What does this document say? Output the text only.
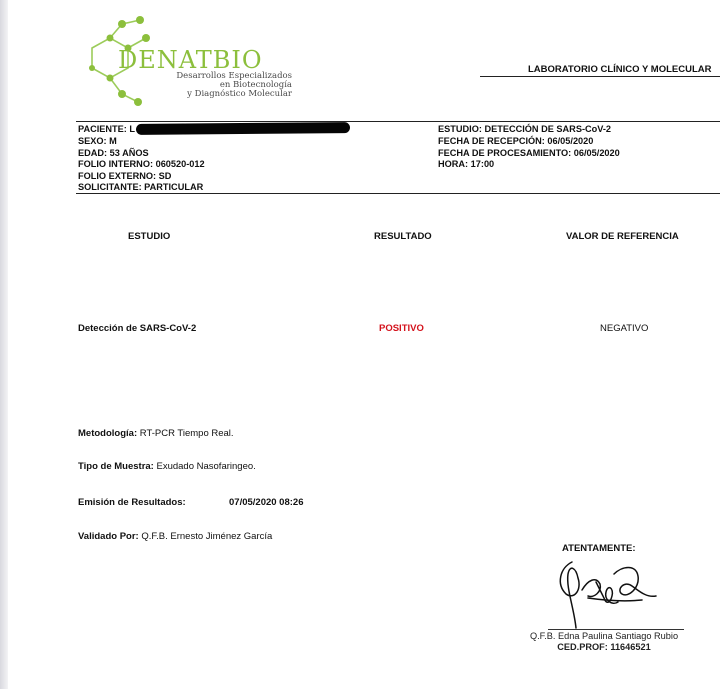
DENATBIO
Desarrollos Especializados
en Biotecnología
y Diagnóstico Molecular
LABORATORIO CLÍNICO Y MOLECULAR
PACIENTE: L
SEXO: M
EDAD: 53 AÑOS
FOLIO INTERNO: 060520-012
FOLIO EXTERNO: SD
SOLICITANTE: PARTICULAR
ESTUDIO: DETECCIÓN DE SARS-CoV-2
FECHA DE RECEPCIÓN: 06/05/2020
FECHA DE PROCESAMIENTO: 06/05/2020
HORA: 17:00
ESTUDIO	RESULTADO	VALOR DE REFERENCIA
Detección de SARS-CoV-2	POSITIVO	NEGATIVO
Metodología: RT-PCR Tiempo Real.
Tipo de Muestra: Exudado Nasofaringeo.
Emisión de Resultados:	07/05/2020 08:26
Validado Por: Q.F.B. Ernesto Jiménez García
ATENTAMENTE:
Q.F.B. Edna Paulina Santiago Rubio
CED.PROF: 11646521
